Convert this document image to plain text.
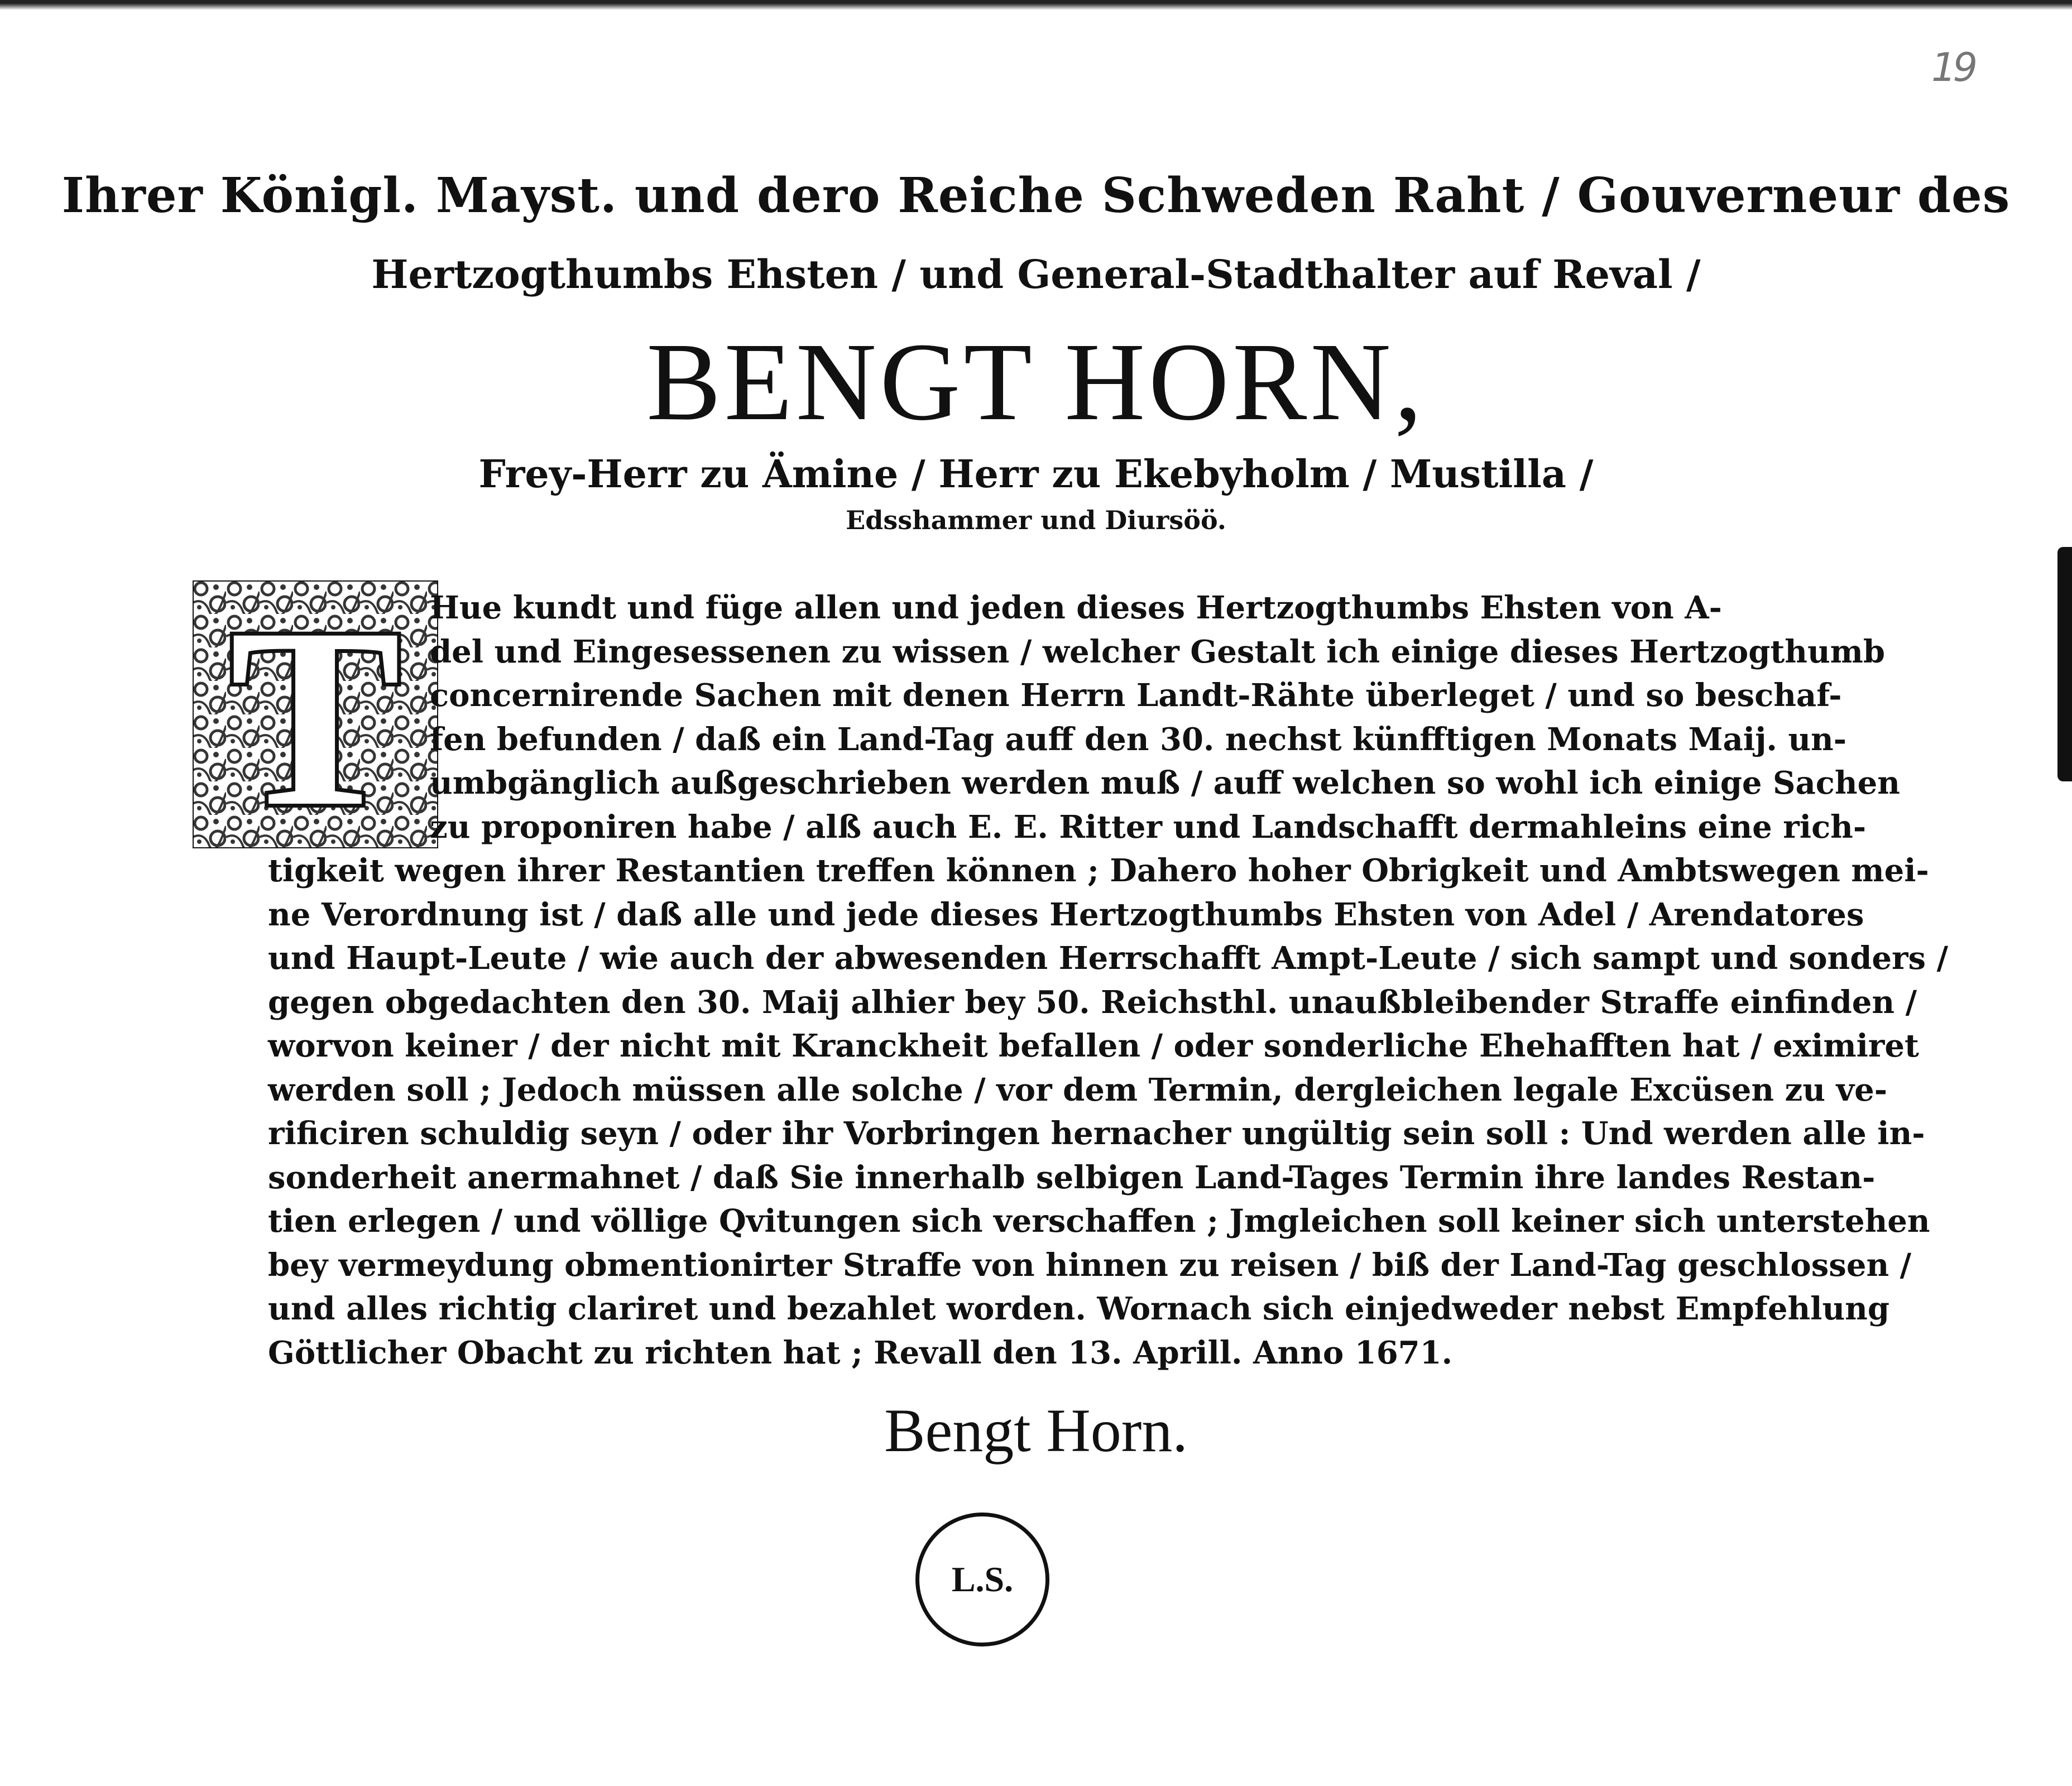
19
Ihrer Königl. Mayst. und dero Reiche Schweden Raht / Gouverneur des
Hertzogthumbs Ehsten / und General-Stadthalter auf Reval /
BENGT HORN,
Frey-Herr zu Ämine / Herr zu Ekebyholm / Mustilla /
Edsshammer und Diursöö.
T Hue kundt und füge allen und jeden dieses Hertzogthumbs Ehsten von A-
del und Eingesessenen zu wissen / welcher Gestalt ich einige dieses Hertzogthumb
concernirende Sachen mit denen Herrn Landt-Rähte überleget / und so beschaf-
fen befunden / daß ein Land-Tag auff den 30. nechst künfftigen Monats Maij. un-
umbgänglich außgeschrieben werden muß / auff welchen so wohl ich einige Sachen
zu proponiren habe / alß auch E. E. Ritter und Landschafft dermahleins eine rich-
tigkeit wegen ihrer Restantien treffen können ; Dahero hoher Obrigkeit und Ambtswegen mei-
ne Verordnung ist / daß alle und jede dieses Hertzogthumbs Ehsten von Adel / Arendatores
und Haupt-Leute / wie auch der abwesenden Herrschafft Ampt-Leute / sich sampt und sonders /
gegen obgedachten den 30. Maij alhier bey 50. Reichsthl. unaußbleibender Straffe einfinden /
worvon keiner / der nicht mit Kranckheit befallen / oder sonderliche Ehehafften hat / eximiret
werden soll ; Jedoch müssen alle solche / vor dem Termin, dergleichen legale Excüsen zu ve-
rificiren schuldig seyn / oder ihr Vorbringen hernacher ungültig sein soll : Und werden alle in-
sonderheit anermahnet / daß Sie innerhalb selbigen Land-Tages Termin ihre landes Restan-
tien erlegen / und völlige Qvitungen sich verschaffen ; Jmgleichen soll keiner sich unterstehen
bey vermeydung obmentionirter Straffe von hinnen zu reisen / biß der Land-Tag geschlossen /
und alles richtig clariret und bezahlet worden. Wornach sich einjedweder nebst Empfehlung
Göttlicher Obacht zu richten hat ; Revall den 13. Aprill. Anno 1671.
Bengt Horn.
L.S.
